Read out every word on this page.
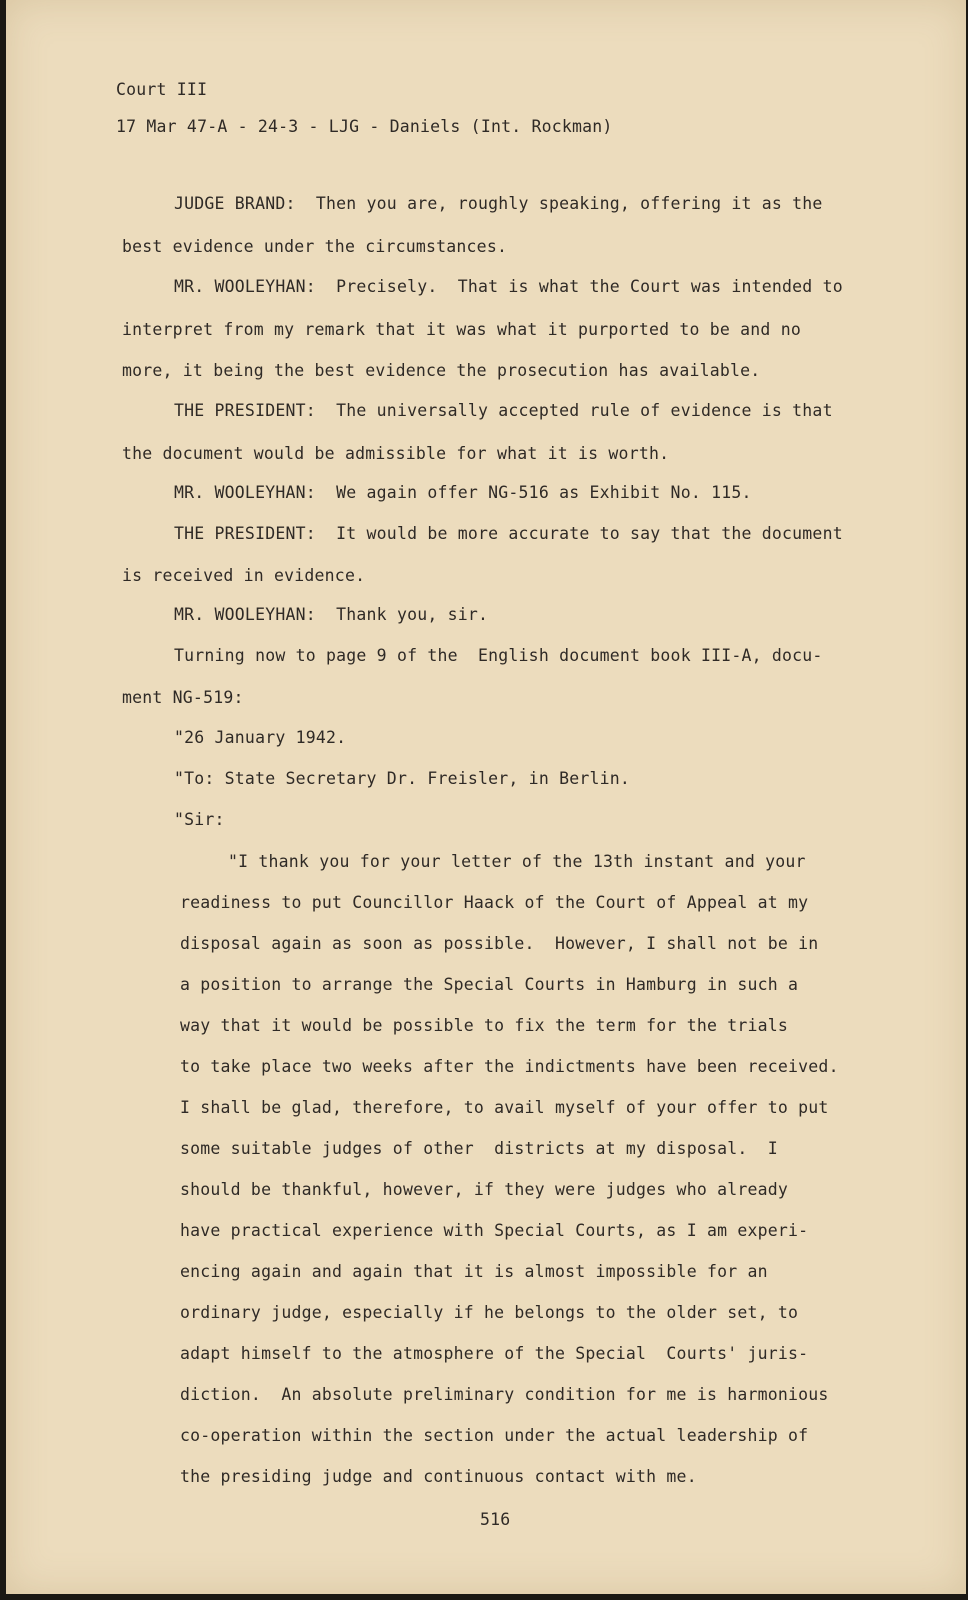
Court III
17 Mar 47-A - 24-3 - LJG - Daniels (Int. Rockman)
JUDGE BRAND:  Then you are, roughly speaking, offering it as the
best evidence under the circumstances.
MR. WOOLEYHAN:  Precisely.  That is what the Court was intended to
interpret from my remark that it was what it purported to be and no
more, it being the best evidence the prosecution has available.
THE PRESIDENT:  The universally accepted rule of evidence is that
the document would be admissible for what it is worth.
MR. WOOLEYHAN:  We again offer NG-516 as Exhibit No. 115.
THE PRESIDENT:  It would be more accurate to say that the document
is received in evidence.
MR. WOOLEYHAN:  Thank you, sir.
Turning now to page 9 of the  English document book III-A, docu-
ment NG-519:
"26 January 1942.
"To: State Secretary Dr. Freisler, in Berlin.
"Sir:
"I thank you for your letter of the 13th instant and your
readiness to put Councillor Haack of the Court of Appeal at my
disposal again as soon as possible.  However, I shall not be in
a position to arrange the Special Courts in Hamburg in such a
way that it would be possible to fix the term for the trials
to take place two weeks after the indictments have been received.
I shall be glad, therefore, to avail myself of your offer to put
some suitable judges of other  districts at my disposal.  I
should be thankful, however, if they were judges who already
have practical experience with Special Courts, as I am experi-
encing again and again that it is almost impossible for an
ordinary judge, especially if he belongs to the older set, to
adapt himself to the atmosphere of the Special  Courts' juris-
diction.  An absolute preliminary condition for me is harmonious
co-operation within the section under the actual leadership of
the presiding judge and continuous contact with me.
516
